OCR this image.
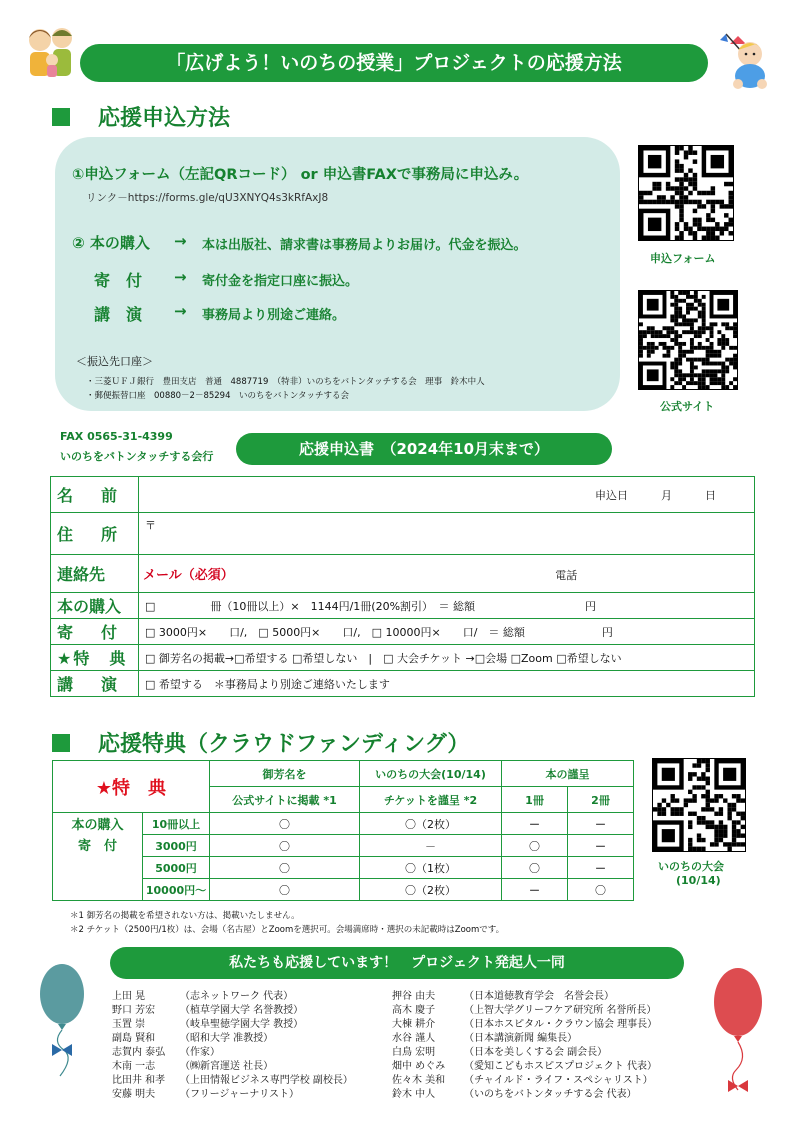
「広げよう！いのちの授業」プロジェクトの応援方法
応援申込方法
①申込フォーム（左記QRコード） or 申込書FAXで事務局に申込み。
リンク－https://forms.gle/qU3XNYQ4s3kRfAxJ8
② 本の購入 → 本は出版社、請求書は事務局よりお届け。代金を振込。
寄　付 → 寄付金を指定口座に振込。
講　演 → 事務局より別途ご連絡。
＜振込先口座＞
・三菱ＵＦＪ銀行　豊田支店　普通　4887719　（特非）いのちをバトンタッチする会　理事　鈴木中人
・郵便振替口座　00880－2－85294　いのちをバトンタッチする会
申込フォーム
公式サイト
FAX 0565-31-4399
いのちをバトンタッチする会行	応援申込書　（2024年10月末まで）
名　前	申込日　　　月　　　日
住　所	〒
連絡先	メール（必須） 電話
本の購入	□　　　　　冊（10冊以上）×　1144円/1冊(20%割引）　＝ 総額　　　　　　　　　　円
寄　付	□ 3000円×　　口/,　□ 5000円×　　口/,　□ 10000円×　　口/　＝ 総額　　　　　　　円
★特　典	□ 御芳名の掲載→□希望する □希望しない　|　□ 大会チケット →□会場 □Zoom □希望しない
講　演	□ 希望する　＊事務局より別途ご連絡いたします
応援特典（クラウドファンディング）
★特　典		御芳名を	いのちの大会(10/14)	本の謹呈	
		公式サイトに掲載 *1	チケットを謹呈 *2	1冊	2冊
本の購入	10冊以上	〇	〇（2枚）	－	－
寄　付	3000円	〇	－	〇	－
	5000円	〇	〇（1枚）	〇	－
	10000円～	〇	〇（2枚）	－	〇
いのちの大会
(10/14)
＊1 御芳名の掲載を希望されない方は、掲載いたしません。
＊2 チケット（2500円/1枚）は、会場（名古屋）とZoomを選択可。会場満席時・選択の未記載時はZoomです。
私たちも応援しています！　プロジェクト発起人一同
上田 晃	（志ネットワーク 代表）
野口 芳宏 （植草学園大学 名誉教授）
玉置 崇	（岐阜聖徳学園大学 教授）
副島 賢和 （昭和大学 准教授）
志賀内 泰弘 （作家）
木南 一志 （㈱新宮運送 社長）
比田井 和孝 （上田情報ビジネス専門学校 副校長）
安藤 明夫 （フリージャーナリスト）
押谷 由夫	（日本道徳教育学会　名誉会長）
高木 慶子	（上智大学グリーフケア研究所 名誉所長）
大棟 耕介	（日本ホスピタル・クラウン協会 理事長）
水谷 謹人	（日本講演新聞 編集長）
白鳥 宏明	（日本を美しくする会 副会長）
畑中 めぐみ （愛知こどもホスピスプロジェクト 代表）
佐々木 美和 （チャイルド・ライフ・スペシャリスト）
鈴木 中人	（いのちをバトンタッチする会 代表）
